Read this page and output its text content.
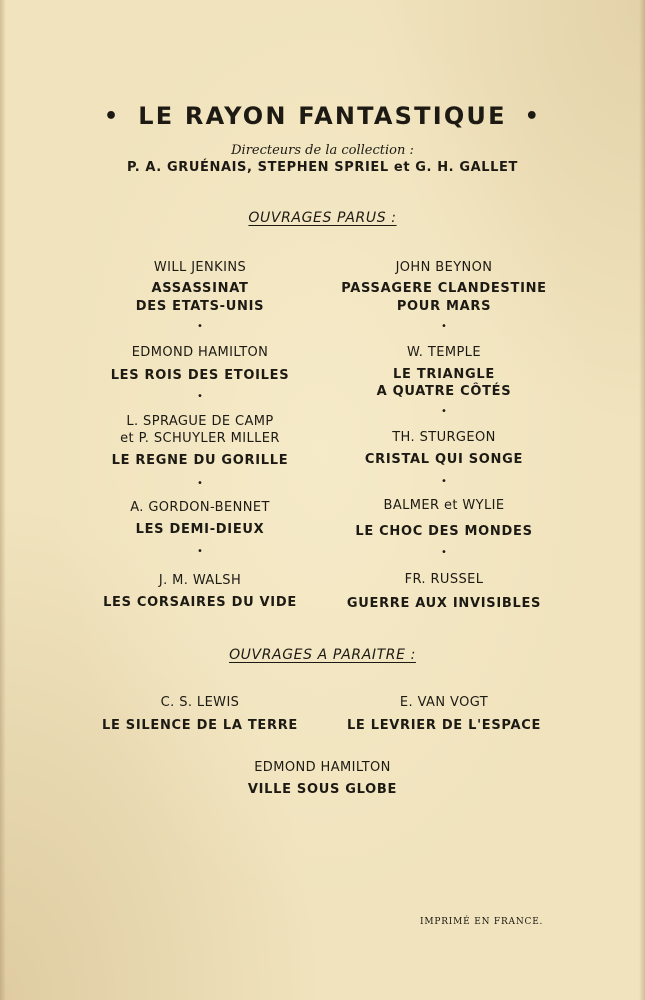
• LE RAYON FANTASTIQUE •
Directeurs de la collection :
P. A. GRUÉNAIS, STEPHEN SPRIEL et G. H. GALLET
OUVRAGES PARUS :
WILL JENKINS
ASSASSINAT
DES ETATS-UNIS
•
EDMOND HAMILTON
LES ROIS DES ETOILES
•
L. SPRAGUE DE CAMP
et P. SCHUYLER MILLER
LE REGNE DU GORILLE
•
A. GORDON-BENNET
LES DEMI-DIEUX
•
J. M. WALSH
LES CORSAIRES DU VIDE
JOHN BEYNON
PASSAGERE CLANDESTINE
POUR MARS
•
W. TEMPLE
LE TRIANGLE
A QUATRE CÔTÉS
•
TH. STURGEON
CRISTAL QUI SONGE
•
BALMER et WYLIE
LE CHOC DES MONDES
•
FR. RUSSEL
GUERRE AUX INVISIBLES
OUVRAGES A PARAITRE :
C. S. LEWIS
LE SILENCE DE LA TERRE
E. VAN VOGT
LE LEVRIER DE L'ESPACE
EDMOND HAMILTON
VILLE SOUS GLOBE
IMPRIMÉ EN FRANCE.
